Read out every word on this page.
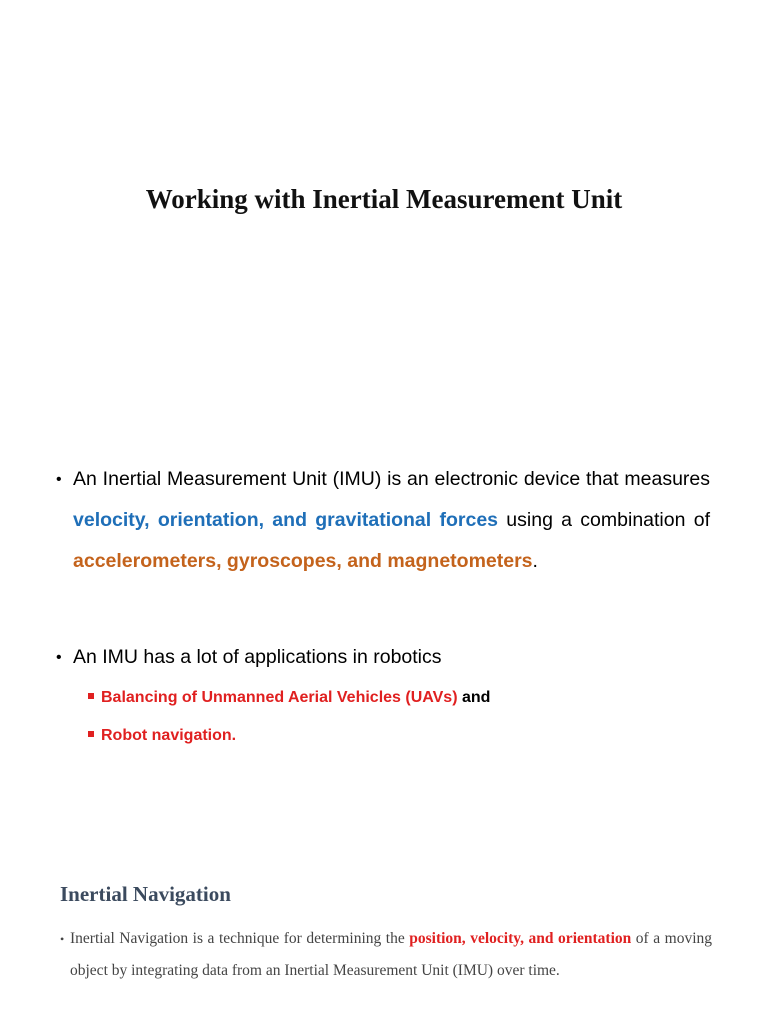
Working with Inertial Measurement Unit
• An Inertial Measurement Unit (IMU) is an electronic device that measures velocity, orientation, and gravitational forces using a combination of accelerometers, gyroscopes, and magnetometers.
• An IMU has a lot of applications in robotics
Balancing of Unmanned Aerial Vehicles (UAVs) and
Robot navigation.
Inertial Navigation
• Inertial Navigation is a technique for determining the position, velocity, and orientation of a moving object by integrating data from an Inertial Measurement Unit (IMU) over time.
